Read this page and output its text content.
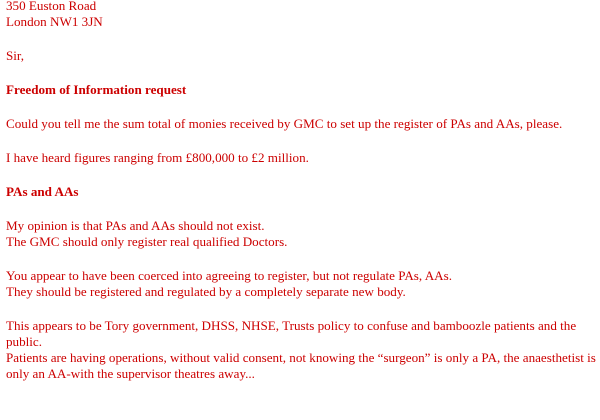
350 Euston Road
London NW1 3JN
Sir,
Freedom of Information request
Could you tell me the sum total of monies received by GMC to set up the register of PAs and AAs, please.
I have heard figures ranging from £800,000 to £2 million.
PAs and AAs
My opinion is that PAs and AAs should not exist.
The GMC should only register real qualified Doctors.
You appear to have been coerced into agreeing to register, but not regulate PAs, AAs.
They should be registered and regulated by a completely separate new body.
This appears to be Tory government, DHSS, NHSE, Trusts policy to confuse and bamboozle patients and the public.
Patients are having operations, without valid consent, not knowing the “surgeon” is only a PA, the anaesthetist is only an AA-with the supervisor theatres away...
